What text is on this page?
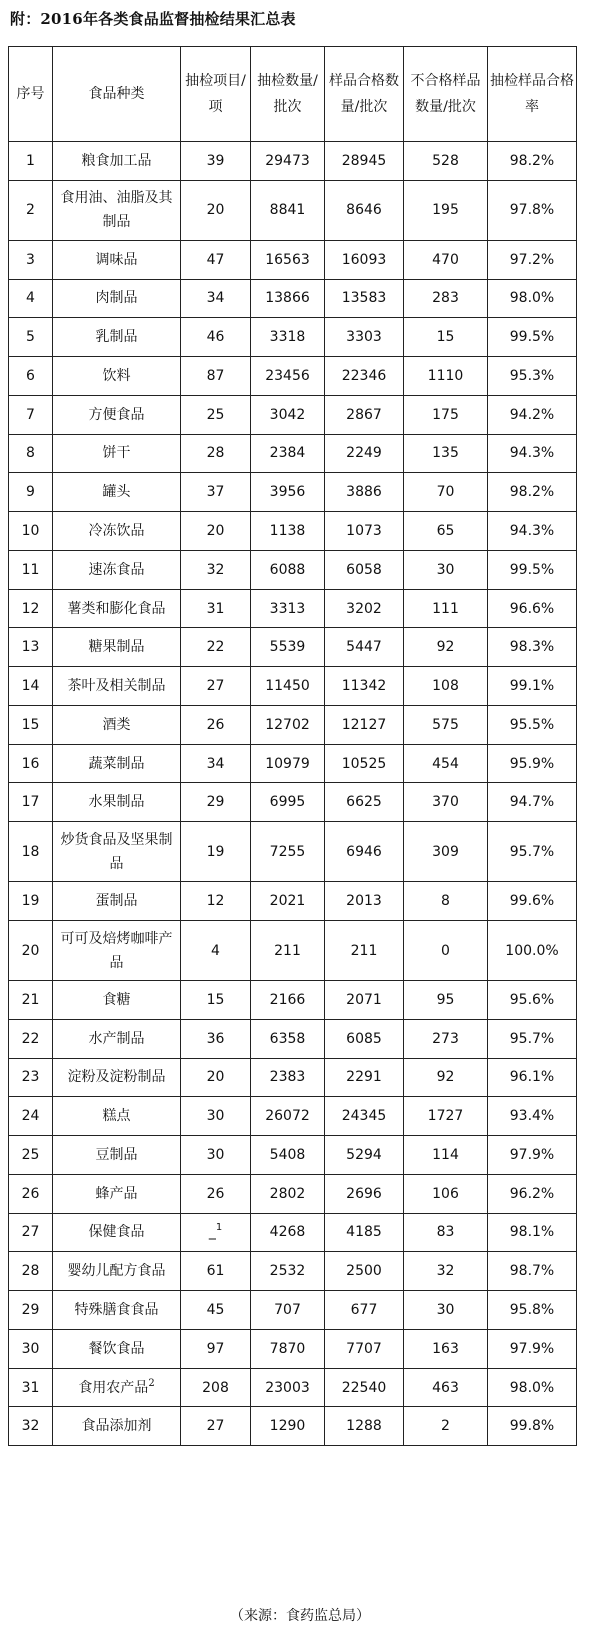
附：2016年各类食品监督抽检结果汇总表
序号	食品种类	抽检项目/项	抽检数量/批次	样品合格数量/批次	不合格样品数量/批次	抽检样品合格率
1	粮食加工品	39	29473	28945	528	98.2%
2	食用油、油脂及其制品	20	8841	8646	195	97.8%
3	调味品	47	16563	16093	470	97.2%
4	肉制品	34	13866	13583	283	98.0%
5	乳制品	46	3318	3303	15	99.5%
6	饮料	87	23456	22346	1110	95.3%
7	方便食品	25	3042	2867	175	94.2%
8	饼干	28	2384	2249	135	94.3%
9	罐头	37	3956	3886	70	98.2%
10	冷冻饮品	20	1138	1073	65	94.3%
11	速冻食品	32	6088	6058	30	99.5%
12	薯类和膨化食品	31	3313	3202	111	96.6%
13	糖果制品	22	5539	5447	92	98.3%
14	茶叶及相关制品	27	11450	11342	108	99.1%
15	酒类	26	12702	12127	575	95.5%
16	蔬菜制品	34	10979	10525	454	95.9%
17	水果制品	29	6995	6625	370	94.7%
18	炒货食品及坚果制品	19	7255	6946	309	95.7%
19	蛋制品	12	2021	2013	8	99.6%
20	可可及焙烤咖啡产品	4	211	211	0	100.0%
21	食糖	15	2166	2071	95	95.6%
22	水产制品	36	6358	6085	273	95.7%
23	淀粉及淀粉制品	20	2383	2291	92	96.1%
24	糕点	30	26072	24345	1727	93.4%
25	豆制品	30	5408	5294	114	97.9%
26	蜂产品	26	2802	2696	106	96.2%
27	保健食品	_$^1$	4268	4185	83	98.1%
28	婴幼儿配方食品	61	2532	2500	32	98.7%
29	特殊膳食食品	45	707	677	30	95.8%
30	餐饮食品	97	7870	7707	163	97.9%
31	食用农产品$^2$	208	23003	22540	463	98.0%
32	食品添加剂	27	1290	1288	2	99.8%
（来源：食药监总局）
